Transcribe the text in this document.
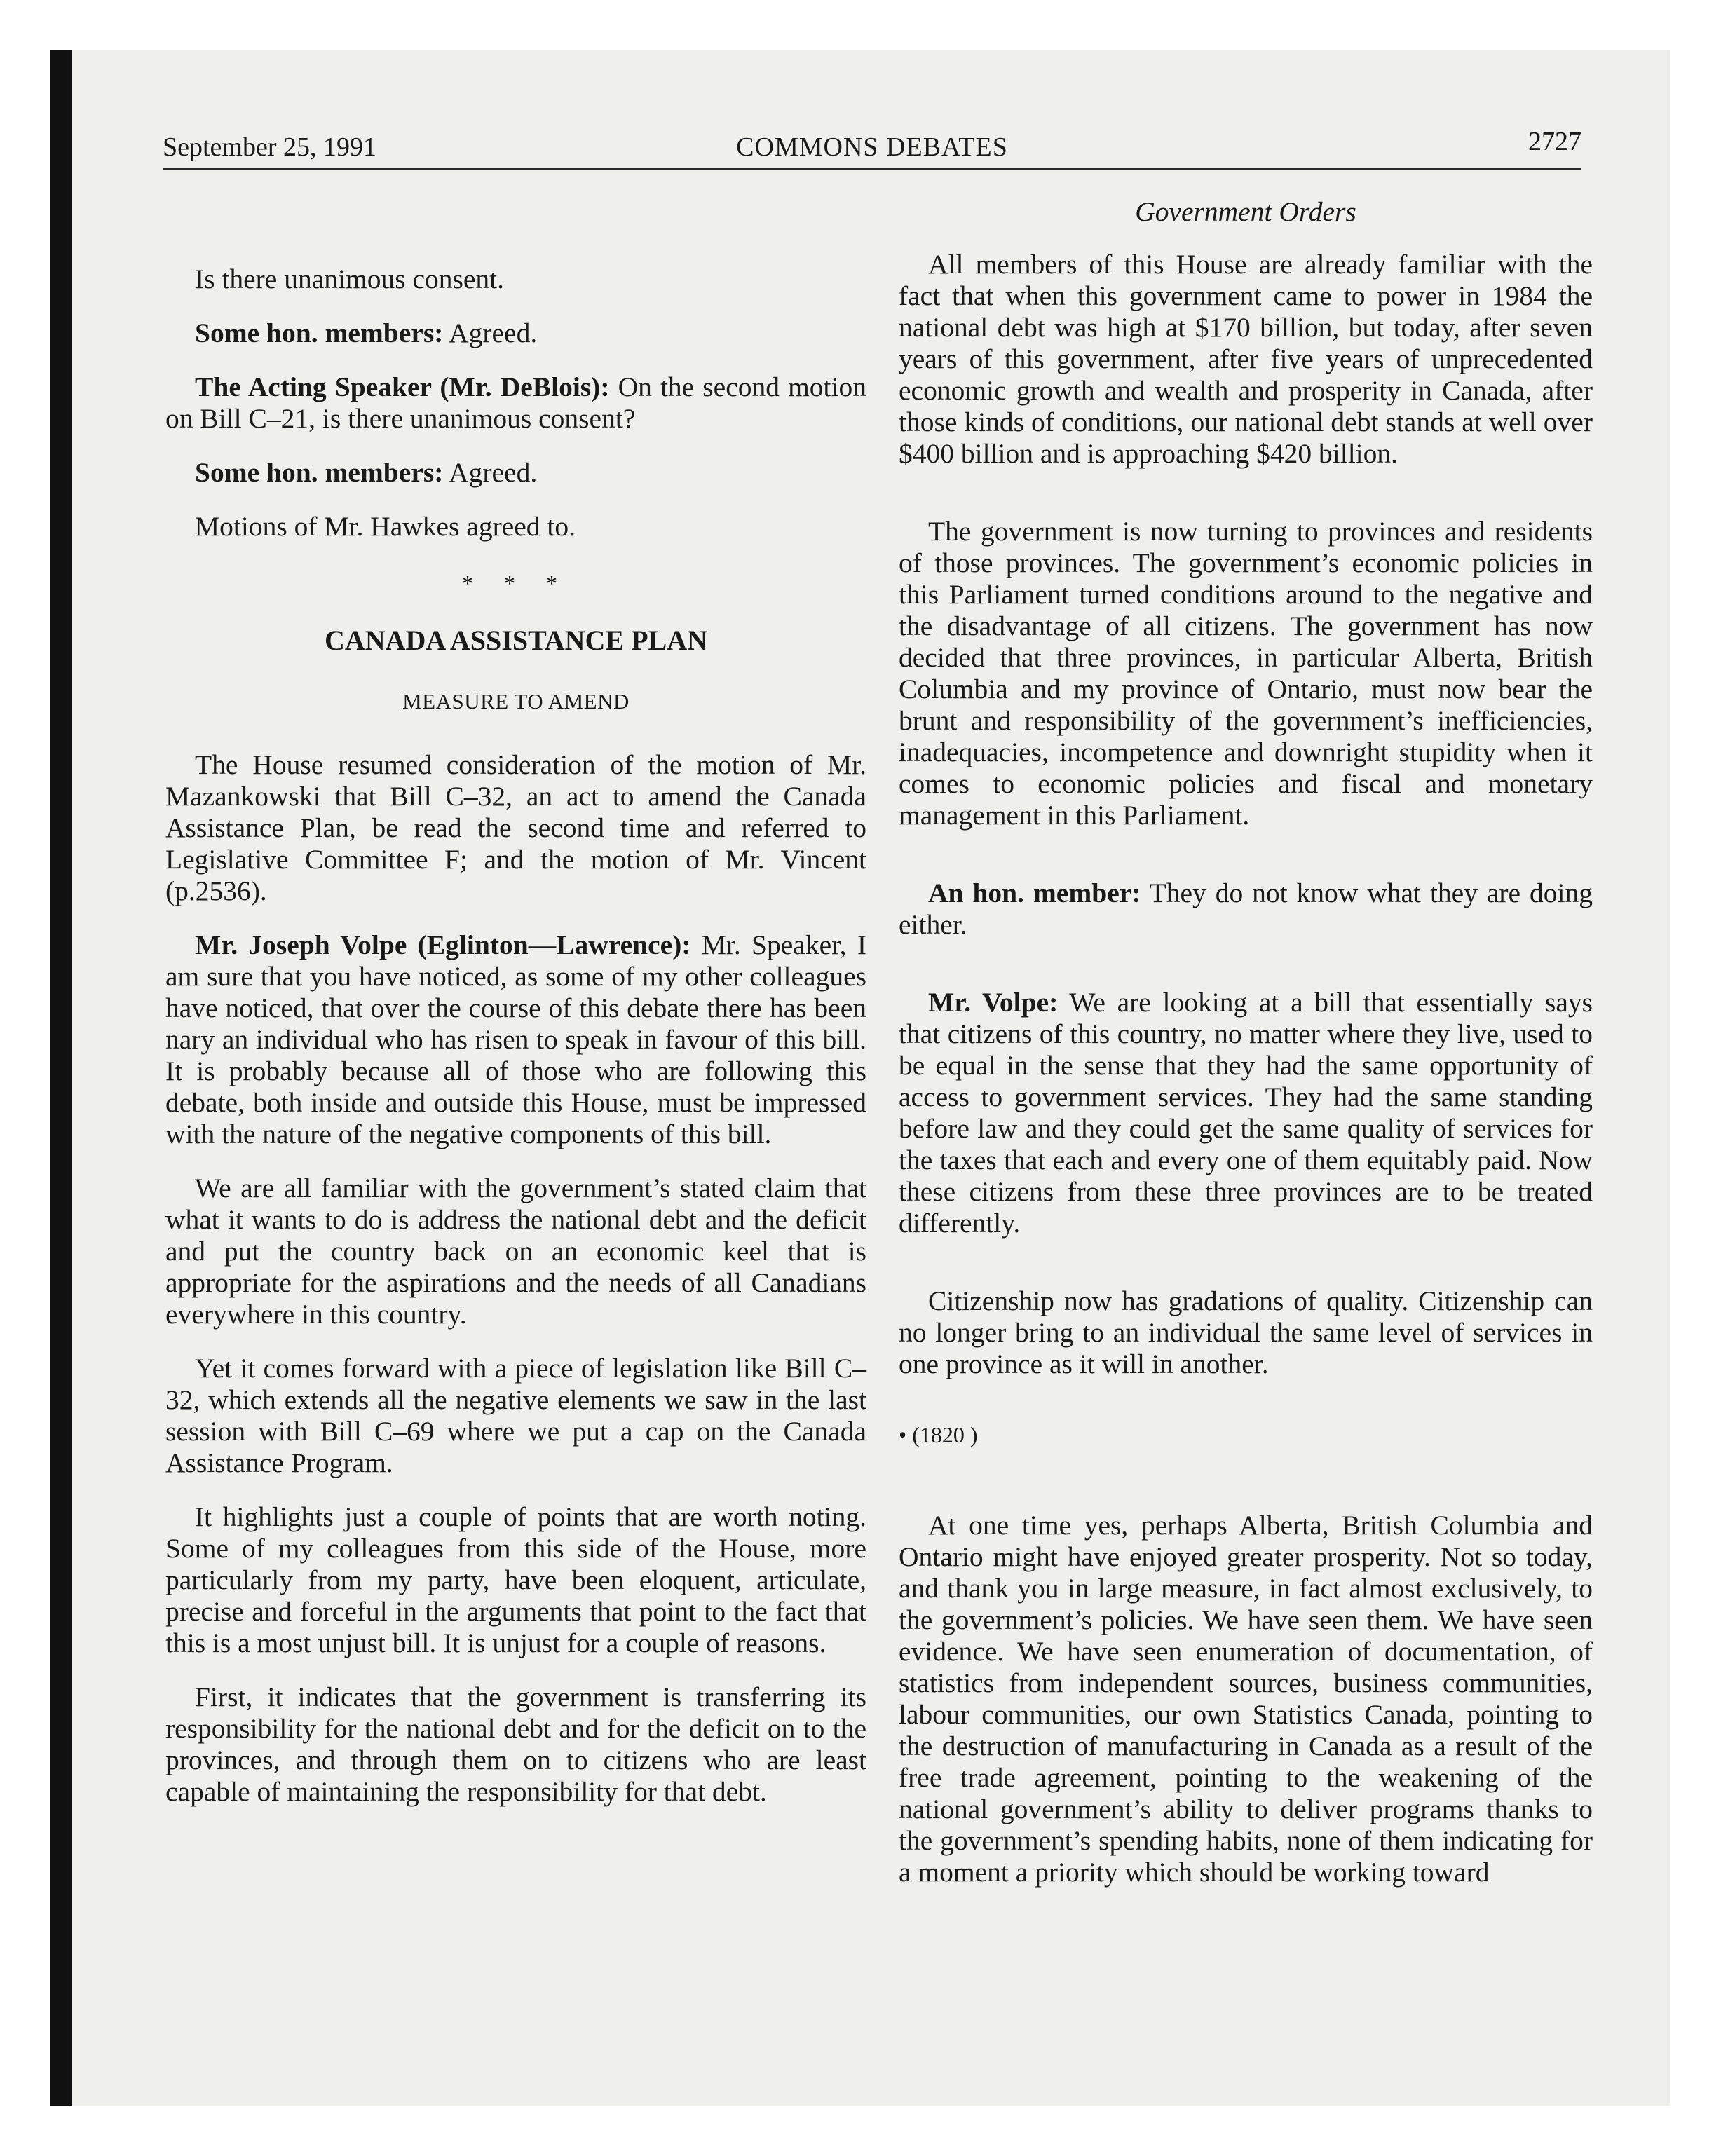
September 25, 1991	COMMONS DEBATES	2727

Is there unanimous consent.

Some hon. members: Agreed.

The Acting Speaker (Mr. DeBlois): On the second motion on Bill C–21, is there unanimous consent?

Some hon. members: Agreed.

Motions of Mr. Hawkes agreed to.

* * *

CANADA ASSISTANCE PLAN

MEASURE TO AMEND

The House resumed consideration of the motion of Mr. Mazankowski that Bill C–32, an act to amend the Canada Assistance Plan, be read the second time and referred to Legislative Committee F; and the motion of Mr. Vincent (p.2536).

Mr. Joseph Volpe (Eglinton—Lawrence): Mr. Speaker, I am sure that you have noticed, as some of my other colleagues have noticed, that over the course of this debate there has been nary an individual who has risen to speak in favour of this bill. It is probably because all of those who are following this debate, both inside and outside this House, must be impressed with the nature of the negative components of this bill.

We are all familiar with the government’s stated claim that what it wants to do is address the national debt and the deficit and put the country back on an economic keel that is appropriate for the aspirations and the needs of all Canadians everywhere in this country.

Yet it comes forward with a piece of legislation like Bill C–32, which extends all the negative elements we saw in the last session with Bill C–69 where we put a cap on the Canada Assistance Program.

It highlights just a couple of points that are worth noting. Some of my colleagues from this side of the House, more particularly from my party, have been eloquent, articulate, precise and forceful in the arguments that point to the fact that this is a most unjust bill. It is unjust for a couple of reasons.

First, it indicates that the government is transferring its responsibility for the national debt and for the deficit on to the provinces, and through them on to citizens who are least capable of maintaining the responsibility for that debt.

Government Orders

All members of this House are already familiar with the fact that when this government came to power in 1984 the national debt was high at $170 billion, but today, after seven years of this government, after five years of unprecedented economic growth and wealth and prosperity in Canada, after those kinds of conditions, our national debt stands at well over $400 billion and is approaching $420 billion.

The government is now turning to provinces and residents of those provinces. The government’s economic policies in this Parliament turned conditions around to the negative and the disadvantage of all citizens. The government has now decided that three provinces, in particular Alberta, British Columbia and my province of Ontario, must now bear the brunt and responsibility of the government’s inefficiencies, inadequacies, incompetence and downright stupidity when it comes to economic policies and fiscal and monetary management in this Parliament.

An hon. member: They do not know what they are doing either.

Mr. Volpe: We are looking at a bill that essentially says that citizens of this country, no matter where they live, used to be equal in the sense that they had the same opportunity of access to government services. They had the same standing before law and they could get the same quality of services for the taxes that each and every one of them equitably paid. Now these citizens from these three provinces are to be treated differently.

Citizenship now has gradations of quality. Citizenship can no longer bring to an individual the same level of services in one province as it will in another.

• (1820 )

At one time yes, perhaps Alberta, British Columbia and Ontario might have enjoyed greater prosperity. Not so today, and thank you in large measure, in fact almost exclusively, to the government’s policies. We have seen them. We have seen evidence. We have seen enumeration of documentation, of statistics from independent sources, business communities, labour communities, our own Statistics Canada, pointing to the destruction of manufacturing in Canada as a result of the free trade agreement, pointing to the weakening of the national government’s ability to deliver programs thanks to the government’s spending habits, none of them indicating for a moment a priority which should be working toward
